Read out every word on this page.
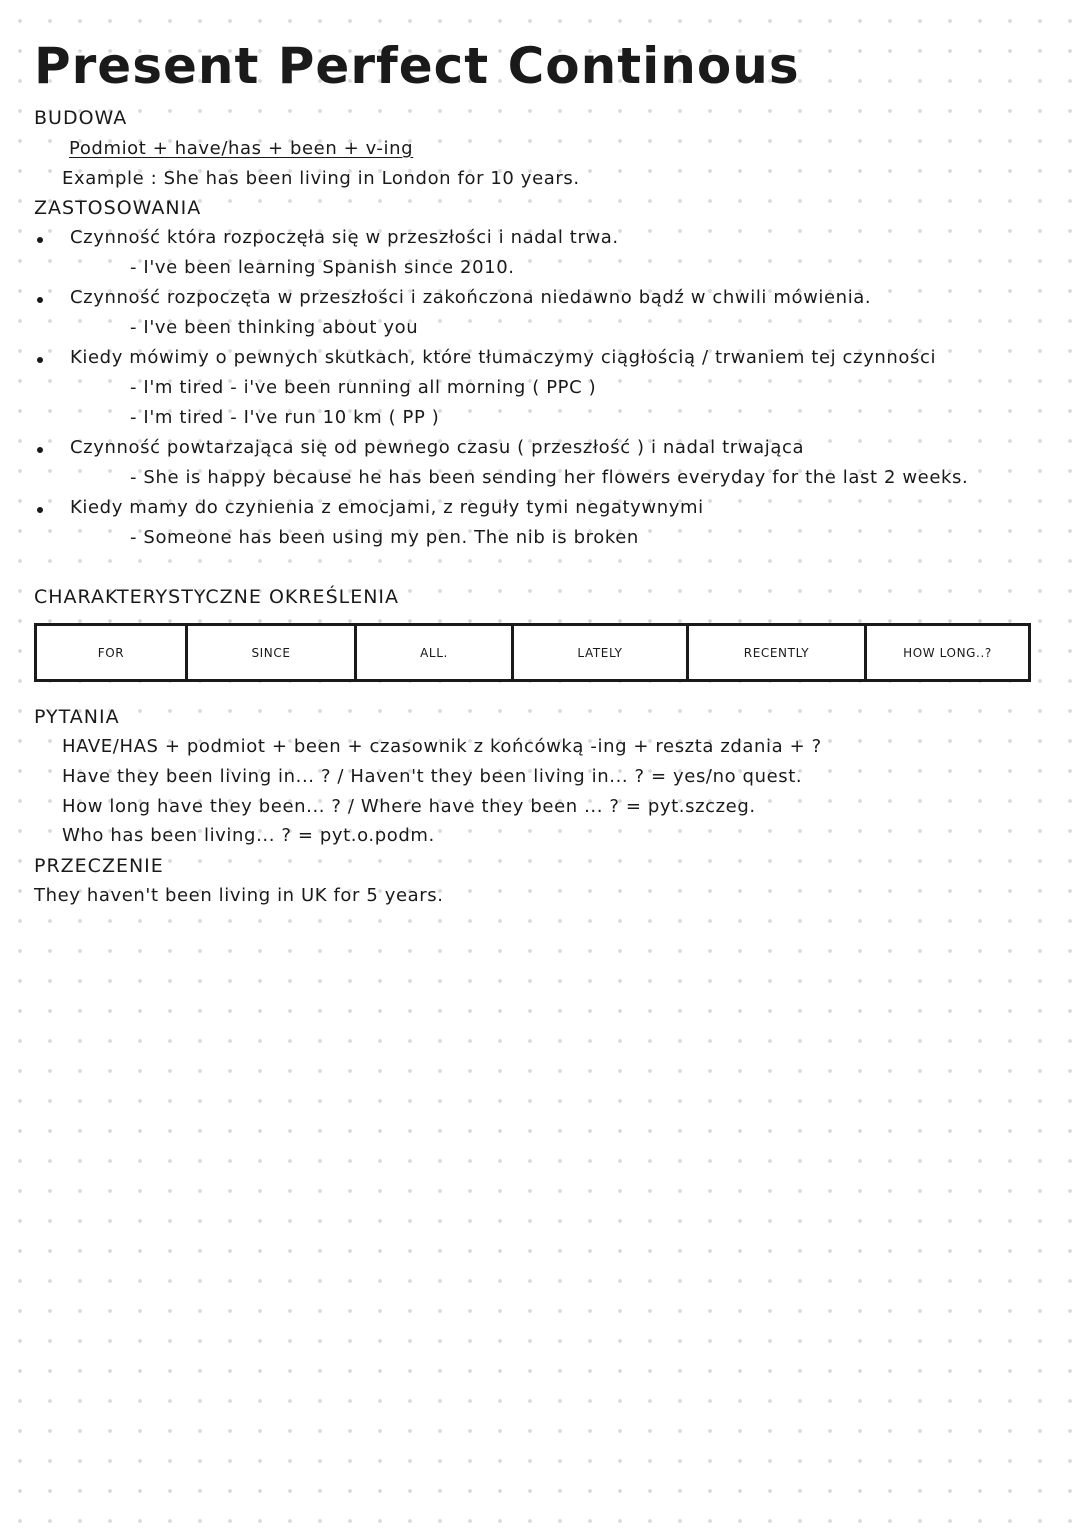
Present Perfect Continous
BUDOWA
Podmiot + have/has + been + v-ing
Example : She has been living in London for 10 years.
ZASTOSOWANIA
Czynność która rozpoczęła się w przeszłości i nadal trwa.
- I've been learning Spanish since 2010.
Czynność rozpoczęta w przeszłości i zakończona niedawno bądź w chwili mówienia.
- I've been thinking about you
Kiedy mówimy o pewnych skutkach, które tłumaczymy ciągłością / trwaniem tej czynności
- I'm tired - i've been running all morning ( PPC )
- I'm tired - I've run 10 km ( PP )
Czynność powtarzająca się od pewnego czasu ( przeszłość ) i nadal trwająca
- She is happy because he has been sending her flowers everyday for the last 2 weeks.
Kiedy mamy do czynienia z emocjami, z reguły tymi negatywnymi
- Someone has been using my pen. The nib is broken
CHARAKTERYSTYCZNE OKREŚLENIA
FOR	SINCE	ALL.	LATELY	RECENTLY	HOW LONG..?
PYTANIA
HAVE/HAS + podmiot + been + czasownik z końcówką -ing + reszta zdania + ?
Have they been living in... ? / Haven't they been living in... ? = yes/no quest.
How long have they been... ? / Where have they been ... ? = pyt.szczeg.
Who has been living... ? = pyt.o.podm.
PRZECZENIE
They haven't been living in UK for 5 years.
